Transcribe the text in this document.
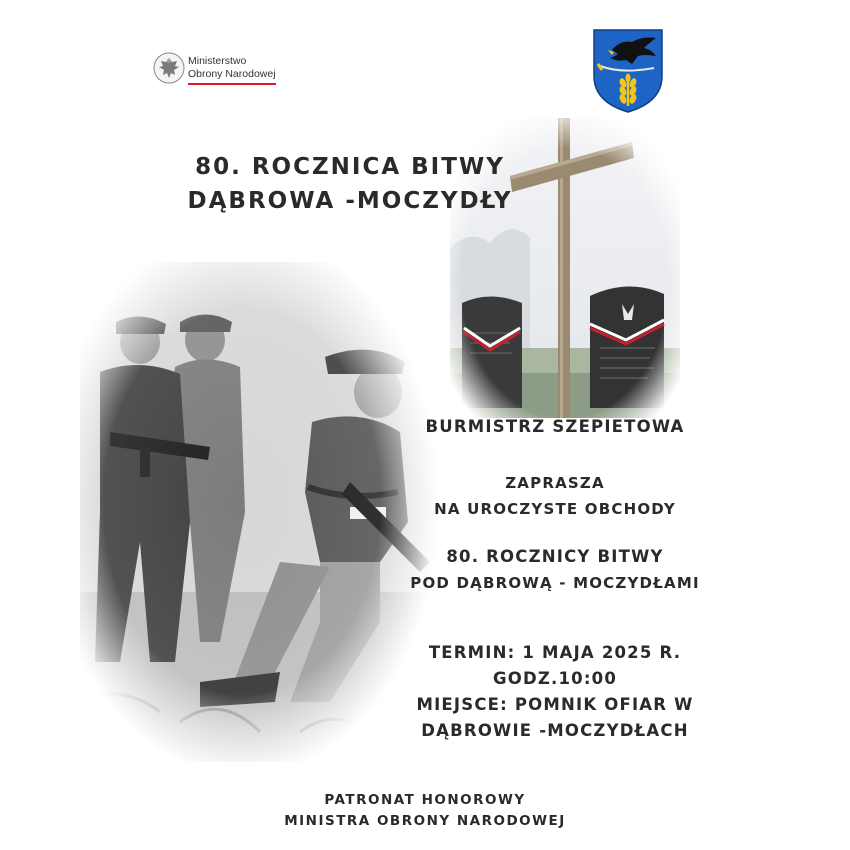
Ministerstwo
Obrony Narodowej
80. ROCZNICA BITWY
DĄBROWA -MOCZYDŁY
BURMISTRZ SZEPIETOWA
ZAPRASZA
NA UROCZYSTE OBCHODY
80. ROCZNICY BITWY
POD DĄBROWĄ - MOCZYDŁAMI
TERMIN: 1 MAJA 2025 R.
GODZ.10:00
MIEJSCE: POMNIK OFIAR W
DĄBROWIE -MOCZYDŁACH
PATRONAT HONOROWY
MINISTRA OBRONY NARODOWEJ
